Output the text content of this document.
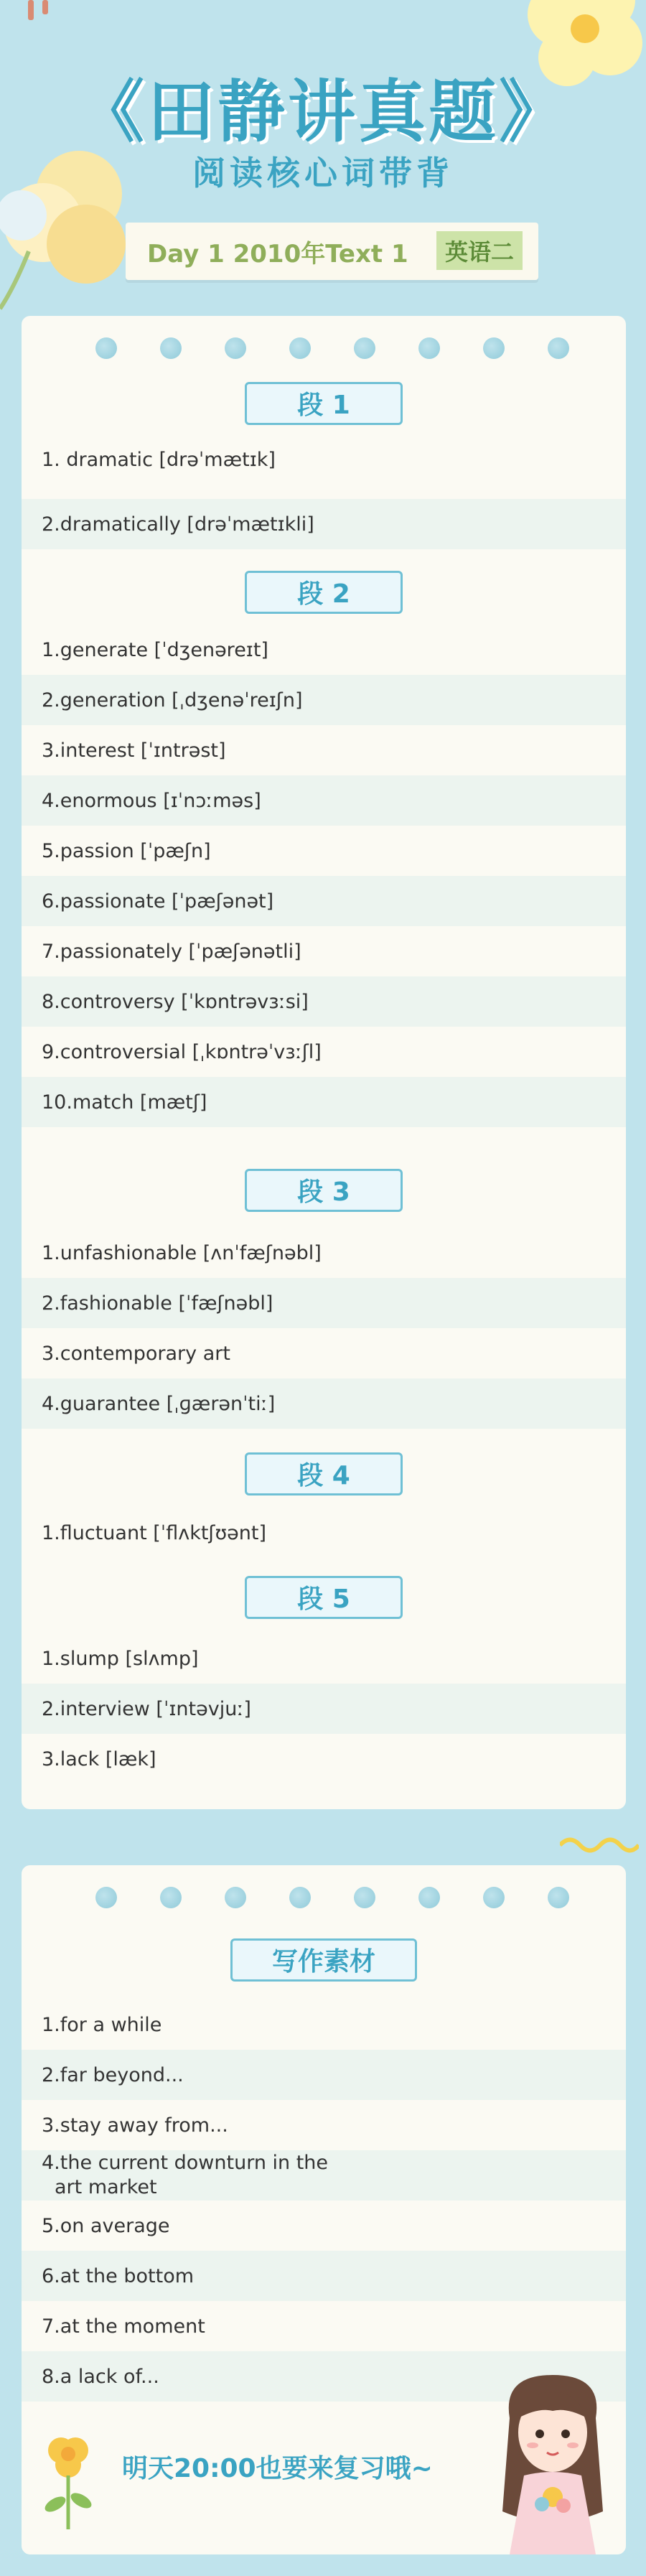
《田静讲真题》
阅读核心词带背
Day 1 2010年Text 1	英语二
段 1
1. dramatic [drəˈmætɪk]
2.dramatically [drəˈmætɪkli]
段 2
1.generate [ˈdʒenəreɪt]
2.generation [ˌdʒenəˈreɪʃn]
3.interest [ˈɪntrəst]
4.enormous [ɪˈnɔːməs]
5.passion [ˈpæʃn]
6.passionate [ˈpæʃənət]
7.passionately [ˈpæʃənətli]
8.controversy [ˈkɒntrəvɜːsi]
9.controversial [ˌkɒntrəˈvɜːʃl]
10.match [mætʃ]
段 3
1.unfashionable [ʌnˈfæʃnəbl]
2.fashionable [ˈfæʃnəbl]
3.contemporary art
4.guarantee [ˌɡærənˈtiː]
段 4
1.fluctuant [ˈflʌktʃʊənt]
段 5
1.slump [slʌmp]
2.interview [ˈɪntəvjuː]
3.lack [læk]
写作素材
1.for a while
2.far beyond...
3.stay away from...
4.the current downturn in the
art market
5.on average
6.at the bottom
7.at the moment
8.a lack of...
明天20:00也要来复习哦~
